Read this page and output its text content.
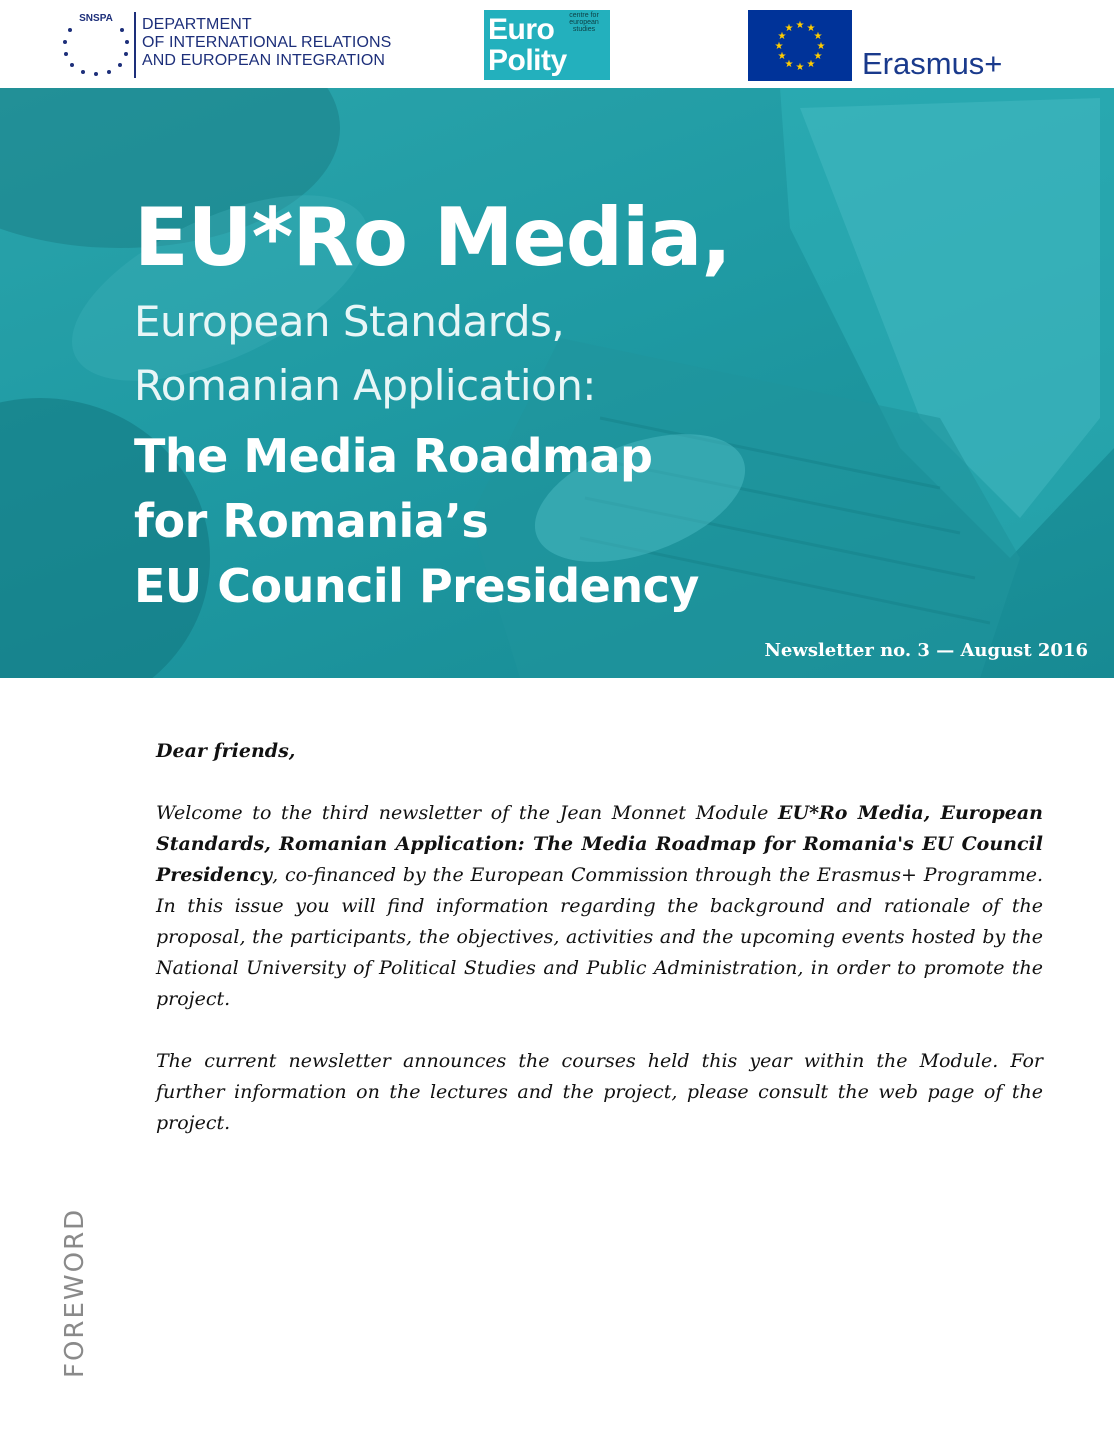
SNSPA DEPARTMENT
OF INTERNATIONAL RELATIONS
AND EUROPEAN INTEGRATION
Euro
Polity
centre for european studies	★ ★
★
★
★
★
★
★
★
★
★
★
Erasmus+
EU*Ro Media,
European Standards,
Romanian Application:
The Media Roadmap
for Romania’s
EU Council Presidency
Newsletter no. 3 — August 2016

Dear friends,

Welcome to the third newsletter of the Jean Monnet Module EU*Ro Media, European Standards, Romanian Application: The Media Roadmap for Romania's EU Council Presidency, co-financed by the European Commission through the Erasmus+ Programme. In this issue you will find information regarding the background and rationale of the proposal, the participants, the objectives, activities and the upcoming events hosted by the National University of Political Studies and Public Administration, in order to promote the project.

The current newsletter announces the courses held this year within the Module. For further information on the lectures and the project, please consult the web page of the project.

FOREWORD
